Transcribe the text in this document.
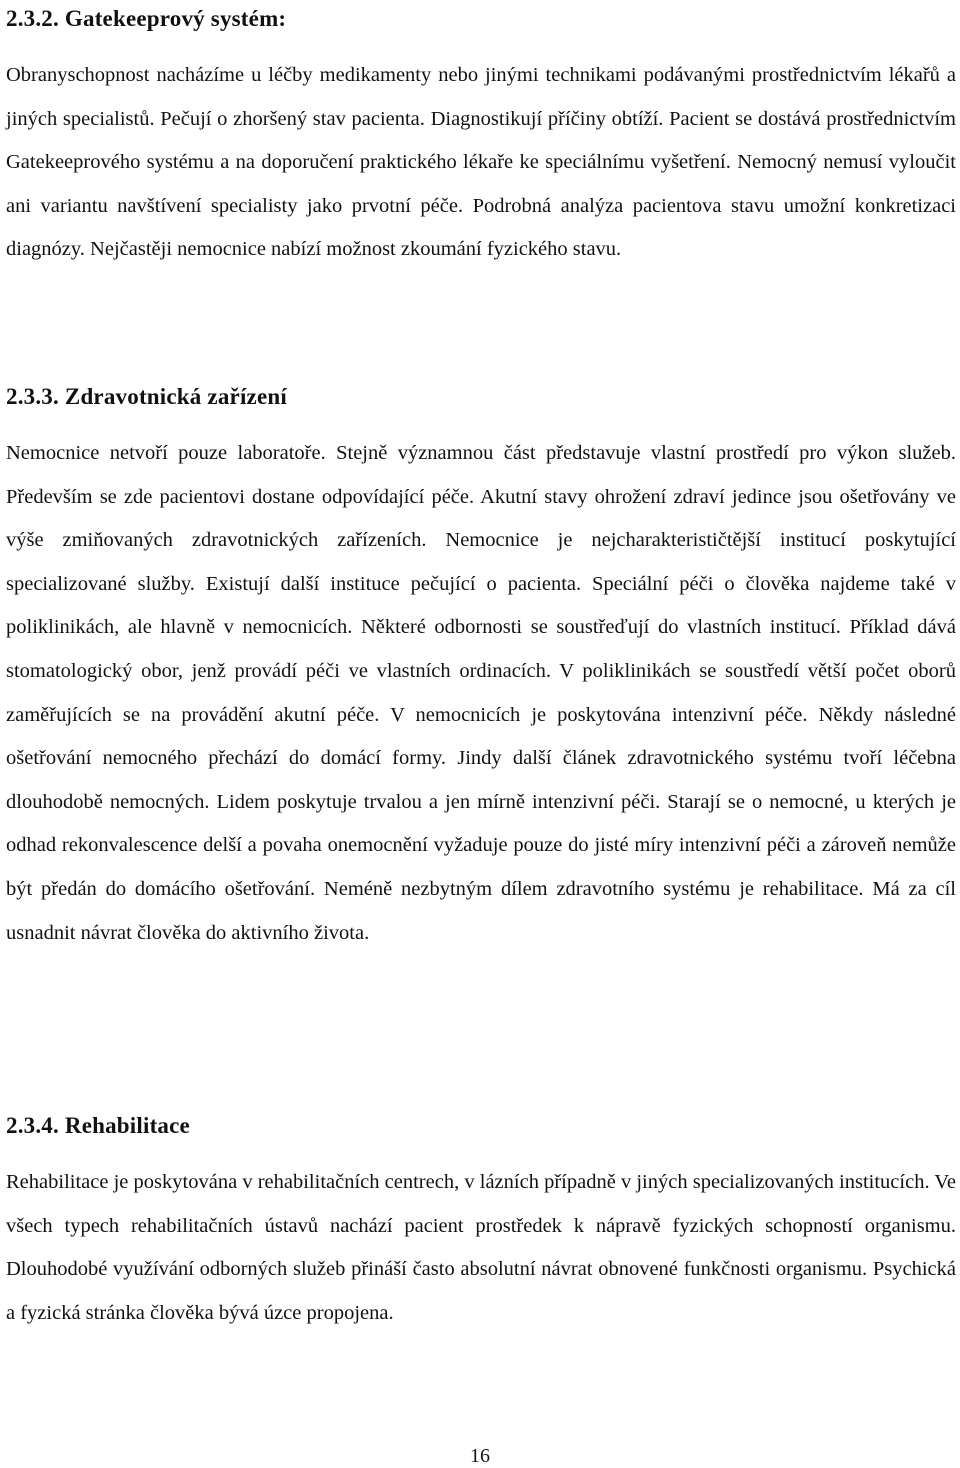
2.3.2. Gatekeeprový systém:

Obranyschopnost nacházíme u léčby medikamenty nebo jinými technikami podávanými prostřednictvím lékařů a jiných specialistů. Pečují o zhoršený stav pacienta. Diagnostikují příčiny obtíží. Pacient se dostává prostřednictvím Gatekeeprového systému a na doporučení praktického lékaře ke speciálnímu vyšetření. Nemocný nemusí vyloučit ani variantu navštívení specialisty jako prvotní péče. Podrobná analýza pacientova stavu umožní konkretizaci diagnózy. Nejčastěji nemocnice nabízí možnost zkoumání fyzického stavu.

2.3.3. Zdravotnická zařízení

Nemocnice netvoří pouze laboratoře. Stejně významnou část představuje vlastní prostředí pro výkon služeb. Především se zde pacientovi dostane odpovídající péče. Akutní stavy ohrožení zdraví jedince jsou ošetřovány ve výše zmiňovaných zdravotnických zařízeních. Nemocnice je nejcharakterističtější institucí poskytující specializované služby. Existují další instituce pečující o pacienta. Speciální péči o člověka najdeme také v poliklinikách, ale hlavně v nemocnicích. Některé odbornosti se soustřeďují do vlastních institucí. Příklad dává stomatologický obor, jenž provádí péči ve vlastních ordinacích. V poliklinikách se soustředí větší počet oborů zaměřujících se na provádění akutní péče. V nemocnicích je poskytována intenzivní péče. Někdy následné ošetřování nemocného přechází do domácí formy. Jindy další článek zdravotnického systému tvoří léčebna dlouhodobě nemocných. Lidem poskytuje trvalou a jen mírně intenzivní péči. Starají se o nemocné, u kterých je odhad rekonvalescence delší a povaha onemocnění vyžaduje pouze do jisté míry intenzivní péči a zároveň nemůže být předán do domácího ošetřování. Neméně nezbytným dílem zdravotního systému je rehabilitace. Má za cíl usnadnit návrat člověka do aktivního života.

2.3.4. Rehabilitace

Rehabilitace je poskytována v rehabilitačních centrech, v lázních případně v jiných specializovaných institucích. Ve všech typech rehabilitačních ústavů nachází pacient prostředek k nápravě fyzických schopností organismu. Dlouhodobé využívání odborných služeb přináší často absolutní návrat obnovené funkčnosti organismu. Psychická a fyzická stránka člověka bývá úzce propojena.

16
